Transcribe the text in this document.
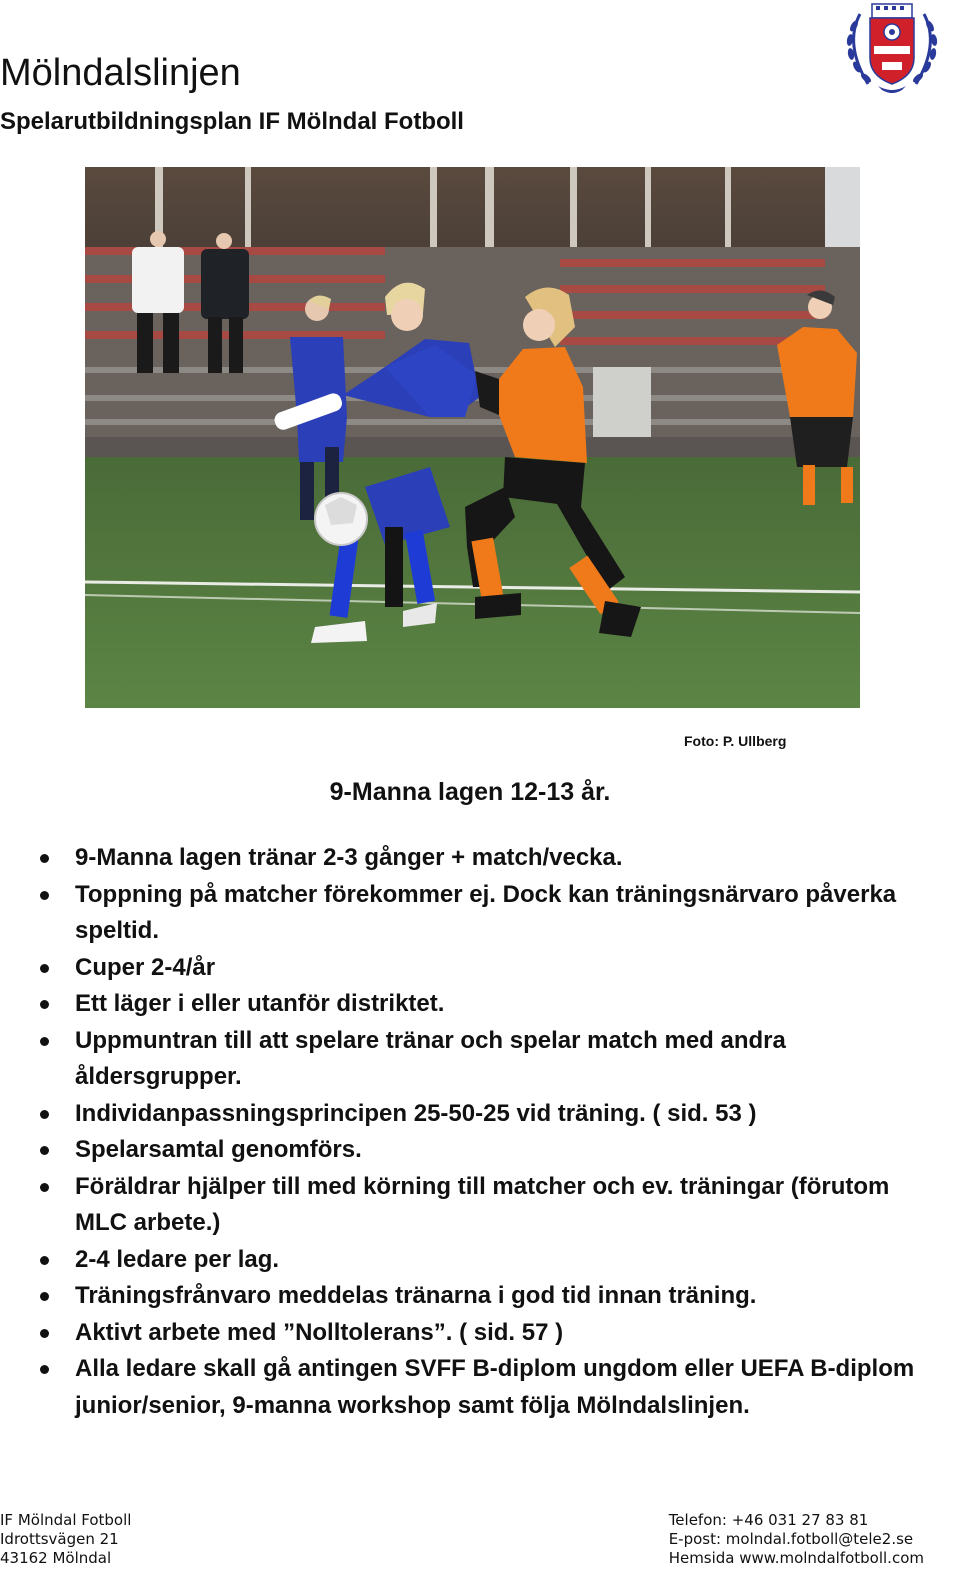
Mölndalslinjen
Spelarutbildningsplan IF Mölndal Fotboll
Foto: P. Ullberg
9-Manna lagen 12-13 år.
9-Manna lagen tränar 2-3 gånger + match/vecka.
Toppning på matcher förekommer ej. Dock kan träningsnärvaro påverka speltid.
Cuper 2-4/år
Ett läger i eller utanför distriktet.
Uppmuntran till att spelare tränar och spelar match med andra åldersgrupper.
Individanpassningsprincipen 25-50-25 vid träning. ( sid. 53 )
Spelarsamtal genomförs.
Föräldrar hjälper till med körning till matcher och ev. träningar (förutom MLC arbete.)
2-4 ledare per lag.
Träningsfrånvaro meddelas tränarna i god tid innan träning.
Aktivt arbete med ”Nolltolerans”. ( sid. 57 )
Alla ledare skall gå antingen SVFF B-diplom ungdom eller UEFA B-diplom junior/senior, 9-manna workshop samt följa Mölndalslinjen.
IF Mölndal Fotboll
Idrottsvägen 21
43162 Mölndal
Telefon: +46 031 27 83 81
E-post: molndal.fotboll@tele2.se
Hemsida www.molndalfotboll.com
